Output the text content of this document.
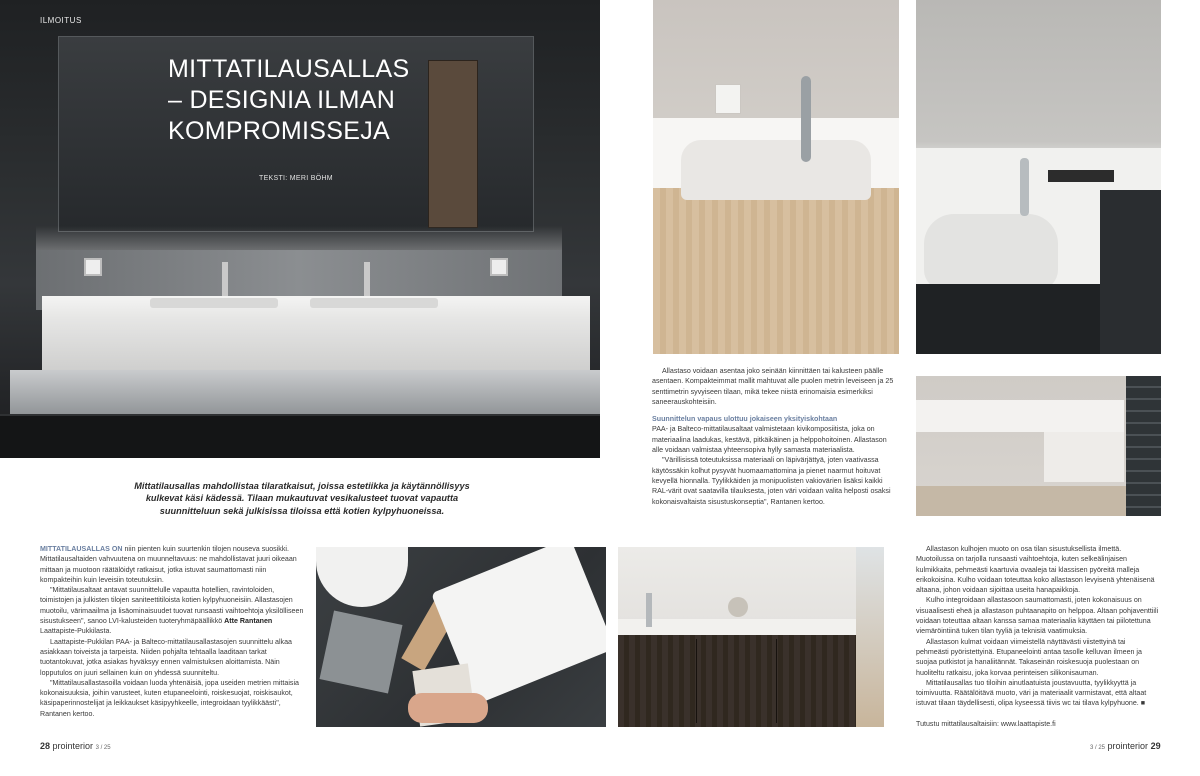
ILMOITUS
MITTATILAUSALLAS
– DESIGNIA ILMAN
KOMPROMISSEJA
TEKSTI: MERI BÖHM
Mittatilausallas mahdollistaa tilaratkaisut, joissa estetiikka ja käytännöllisyys kulkevat käsi kädessä. Tilaan mukautuvat vesikalusteet tuovat vapautta suunnitteluun sekä julkisissa tiloissa että kotien kylpyhuoneissa.

MITTATILAUSALLAS ON niin pienten kuin suurtenkin tilojen nouseva suosikki. Mittatilausaltaiden vahvuutena on muunneltavuus: ne mahdollistavat juuri oikeaan mittaan ja muotoon räätälöidyt ratkaisut, jotka istuvat saumattomasti niin kompakteihin kuin leveisiin toteutuksiin.

"Mittatilausaltaat antavat suunnittelulle vapautta hotellien, ravintoloiden, toimistojen ja julkisten tilojen saniteettitiloista kotien kylpyhuoneisiin. Allastasojen muotoilu, värimaailma ja lisäominaisuudet tuovat runsaasti vaihtoehtoja yksilölliseen sisustukseen", sanoo LVI-kalusteiden tuoteryhmäpäällikkö Atte Rantanen Laattapiste-Pukkilasta.

Laattapiste-Pukkilan PAA- ja Balteco-mittatilausallastasojen suunnittelu alkaa asiakkaan toiveista ja tarpeista. Niiden pohjalta tehtaalla laaditaan tarkat tuotantokuvat, jotka asiakas hyväksyy ennen valmistuksen aloittamista. Näin lopputulos on juuri sellainen kuin on yhdessä suunniteltu.

"Mittatilausallastasoilla voidaan luoda yhtenäisiä, jopa useiden metrien mittaisia kokonaisuuksia, joihin varusteet, kuten etupaneelointi, roiskesuojat, roiskisaukot, käsipaperinnostelijat ja leikkaukset käsipyyhkeelle, integroidaan tyylikkäästi", Rantanen kertoo.

Allastaso voidaan asentaa joko seinään kiinnittäen tai kalusteen päälle asentaen. Kompakteimmat mallit mahtuvat alle puolen metrin leveiseen ja 25 senttimetrin syvyiseen tilaan, mikä tekee niistä erinomaisia esimerkiksi saneerauskohteisiin.

Suunnittelun vapaus ulottuu jokaiseen yksityiskohtaan

PAA- ja Balteco-mittatilausaltaat valmistetaan kivikomposiitista, joka on materiaalina laadukas, kestävä, pitkäikäinen ja helppohoitoinen. Allastason alle voidaan valmistaa yhteensopiva hylly samasta materiaalista.

"Värillisissä toteutuksissa materiaali on läpivärjättyä, joten vaativassa käytössäkin kolhut pysyvät huomaamattomina ja pienet naarmut hoituvat kevyellä hionnalla. Tyylikkäiden ja monipuolisten vakiovärien lisäksi kaikki RAL-värit ovat saatavilla tilauksesta, joten väri voidaan valita helposti osaksi kokonaisvaltaista sisustuskonseptia", Rantanen kertoo.

Allastason kulhojen muoto on osa tilan sisustuksellista ilmettä. Muotoilussa on tarjolla runsaasti vaihtoehtoja, kuten selkeälinjaisen kulmikkaita, pehmeästi kaartuvia ovaaleja tai klassisen pyöreitä malleja erikokoisina. Kulho voidaan toteuttaa koko allastason levyisenä yhtenäisenä altaana, johon voidaan sijoittaa useita hanapaikkoja.

Kulho integroidaan allastasoon saumattomasti, joten kokonaisuus on visuaalisesti eheä ja allastason puhtaanapito on helppoa. Altaan pohjaventtiili voidaan toteuttaa altaan kanssa samaa materiaalia käyttäen tai piilotettuna viemäröintiinä tuken tilan tyyliä ja teknisiä vaatimuksia.

Allastason kulmat voidaan viimeistellä näyttävästi viistettyinä tai pehmeästi pyöristettyinä. Etupaneelointi antaa tasolle kelluvan ilmeen ja suojaa putkistot ja hanaliitännät. Takaseinän roiskesuoja puolestaan on huoliteltu ratkaisu, joka korvaa perinteisen silikonisauman.

Mittatilausallas tuo tiloihin ainutlaatuista joustavuutta, tyylikkyyttä ja toimivuutta. Räätälöitävä muoto, väri ja materiaalit varmistavat, että altaat istuvat tilaan täydellisesti, olipa kyseessä tiivis wc tai tilava kylpyhuone. ■

Tutustu mittatilausaltaisiin: www.laattapiste.fi

28 prointerior 3 / 25	3 / 25 prointerior 29
